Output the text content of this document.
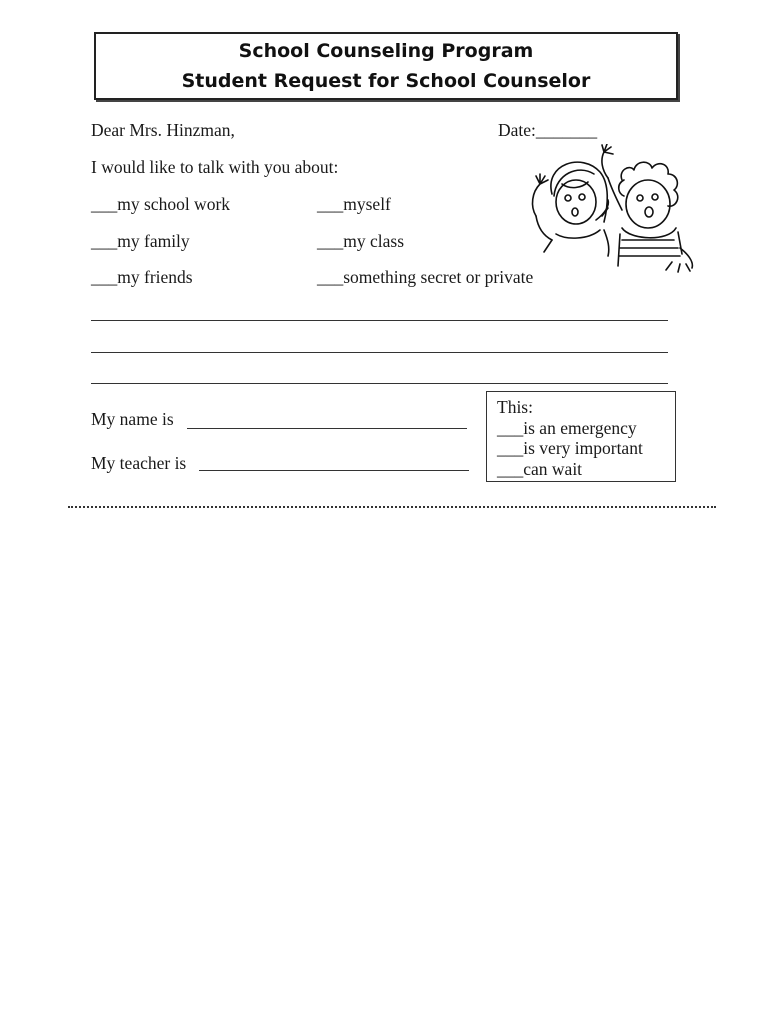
School Counseling Program
Student Request for School Counselor
Dear Mrs. Hinzman,	Date:_______
I would like to talk with you about:
___my school work	___myself
___my family	___my class
___my friends	___something secret or private
My name is
My teacher is
This:
___is an emergency
___is very important
___can wait
